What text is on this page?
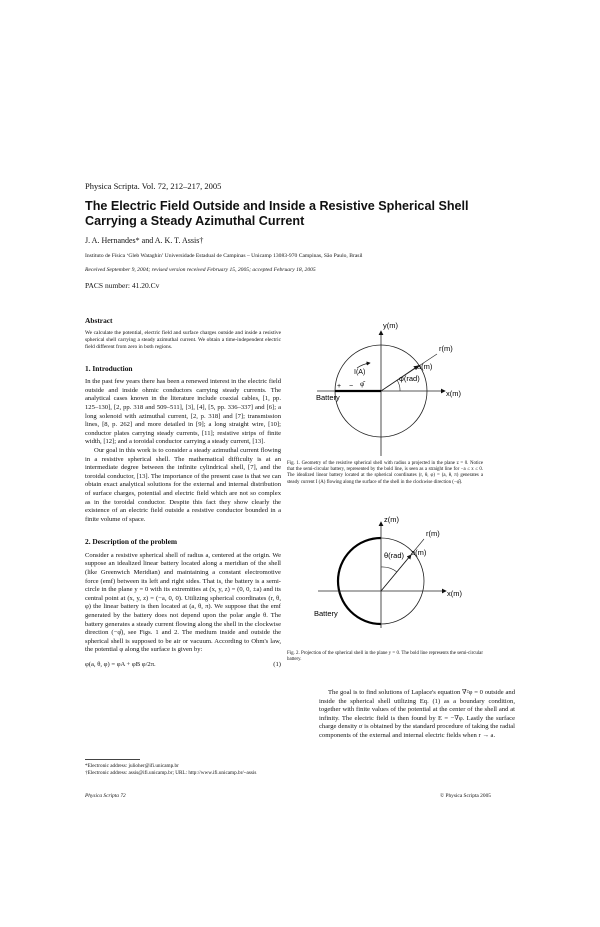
Physica Scripta. Vol. 72, 212–217, 2005
The Electric Field Outside and Inside a Resistive Spherical Shell Carrying a Steady Azimuthal Current
J. A. Hernandes* and A. K. T. Assis†
Instituto de Física ‘Gleb Wataghin’ Universidade Estadual de Campinas – Unicamp 13083-970 Campinas, São Paulo, Brasil
Received September 9, 2004; revised version received February 15, 2005; accepted February 18, 2005
PACS number: 41.20.Cv
Abstract

We calculate the potential, electric field and surface charges outside and inside a resistive spherical shell carrying a steady azimuthal current. We obtain a time-independent electric field different from zero in both regions.

1. Introduction

In the past few years there has been a renewed interest in the electric field outside and inside ohmic conductors carrying steady currents. The analytical cases known in the literature include coaxial cables, [1, pp. 125–130], [2, pp. 318 and 509–511], [3], [4], [5, pp. 336–337] and [6]; a long solenoid with azimuthal current, [2, p. 318] and [7]; transmission lines, [8, p. 262] and more detailed in [9]; a long straight wire, [10]; conductor plates carrying steady currents, [11]; resistive strips of finite width, [12]; and a toroidal conductor carrying a steady current, [13].

Our goal in this work is to consider a steady azimuthal current flowing in a resistive spherical shell. The mathematical difficulty is at an intermediate degree between the infinite cylindrical shell, [7], and the toroidal conductor, [13]. The importance of the present case is that we can obtain exact analytical solutions for the external and internal distribution of surface charges, potential and electric field which are not so complex as in the toroidal conductor. Despite this fact they show clearly the existence of an electric field outside a resistive conductor bounded in a finite volume of space.

2. Description of the problem

Consider a resistive spherical shell of radius a, centered at the origin. We suppose an idealized linear battery located along a meridian of the shell (like Greenwich Meridian) and maintaining a constant electromotive force (emf) between its left and right sides. That is, the battery is a semi-circle in the plane y = 0 with its extremities at (x, y, z) = (0, 0, ±a) and its central point at (x, y, z) = (−a, 0, 0). Utilizing spherical coordinates (r, θ, φ) the linear battery is then located at (a, θ, π). We suppose that the emf generated by the battery does not depend upon the polar angle θ. The battery generates a steady current flowing along the shell in the clockwise direction (−φ̂), see Figs. 1 and 2. The medium inside and outside the spherical shell is supposed to be air or vacuum. According to Ohm's law, the potential φ along the surface is given by:

φ(a, θ, φ) = φA + φB φ/2π.	(1)
*Electronic address: julioher@ifi.unicamp.br
†Electronic address: assis@ifi.unicamp.br; URL: http://www.ifi.unicamp.br/~assis
y(m)
x(m)
r(m)
a(m)
φ(rad)
I(A)
φ̂
Battery
+ −
Fig. 1. Geometry of the resistive spherical shell with radius a projected in the plane z = 0. Notice that the semi-circular battery, represented by the bold line, is seen as a straight line for −a ≤ x ≤ 0. The idealized linear battery located at the spherical coordinates (r, θ, φ) = (a, θ, π) generates a steady current I (A) flowing along the surface of the shell in the clockwise direction (−φ̂).
z(m)
x(m)
r(m)
a(m)
θ(rad)
Battery
Fig. 2. Projection of the spherical shell in the plane y = 0. The bold line represents the semi-circular battery.

The goal is to find solutions of Laplace's equation ∇²φ = 0 outside and inside the spherical shell utilizing Eq. (1) as a boundary condition, together with finite values of the potential at the center of the shell and at infinity. The electric field is then found by E = −∇φ. Lastly the surface charge density σ is obtained by the standard procedure of taking the radial components of the external and internal electric fields when r → a.

Physica Scripta 72	© Physica Scripta 2005
